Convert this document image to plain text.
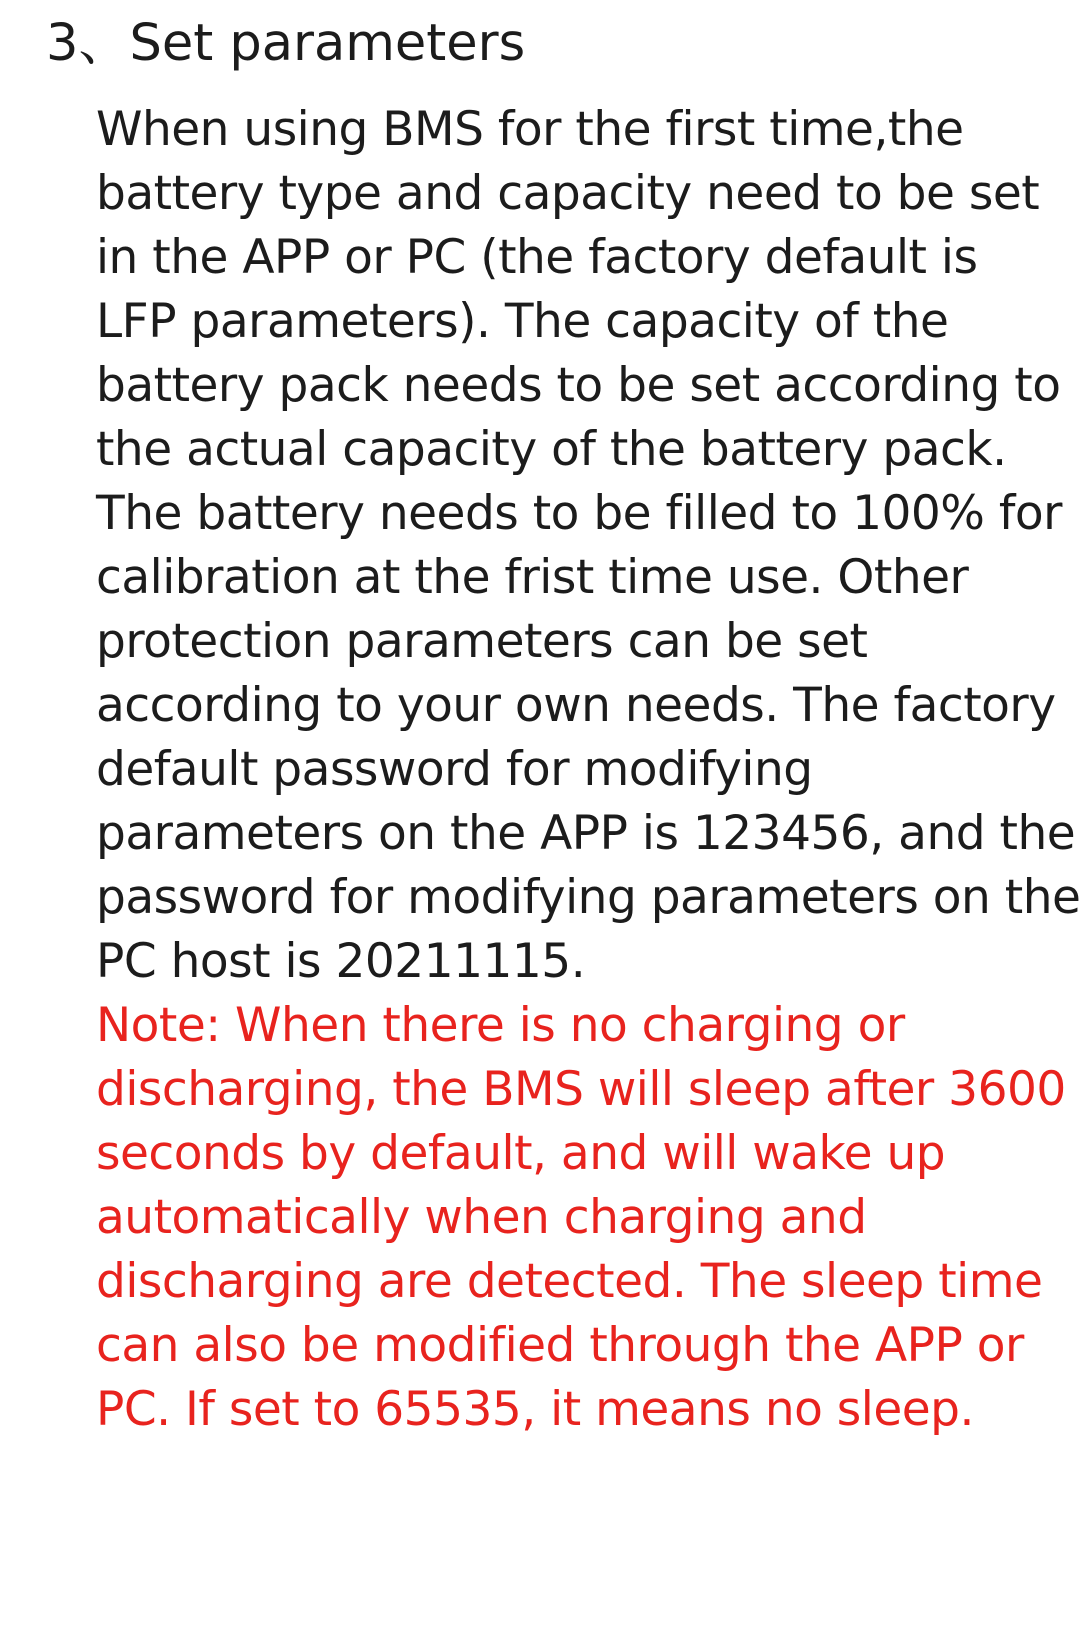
3、Set parameters

When using BMS for the first time,the
battery type and capacity need to be set
in the APP or PC (the factory default is
LFP parameters). The capacity of the
battery pack needs to be set according to
the actual capacity of the battery pack.
The battery needs to be filled to 100% for
calibration at the frist time use. Other
protection parameters can be set
according to your own needs. The factory
default password for modifying
parameters on the APP is 123456, and the
password for modifying parameters on the
PC host is 20211115.

Note: When there is no charging or
discharging, the BMS will sleep after 3600
seconds by default, and will wake up
automatically when charging and
discharging are detected. The sleep time
can also be modified through the APP or
PC. If set to 65535, it means no sleep.
